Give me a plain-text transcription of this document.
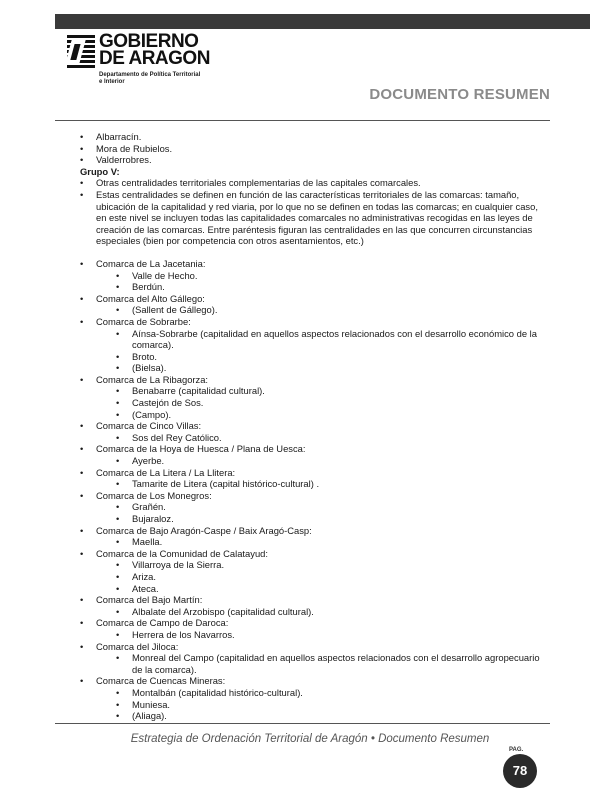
GOBIERNO
DE ARAGON
Departamento de Política Territorial
e Interior
DOCUMENTO RESUMEN
• Albarracín.
• Mora de Rubielos.
• Valderrobres.
Grupo V:
• Otras centralidades territoriales complementarias de las capitales comarcales.
• Estas centralidades se definen en función de las características territoriales de las comarcas: tamaño, ubicación de la capitalidad y red viaria, por lo que no se definen en todas las comarcas; en cualquier caso, en este nivel se incluyen todas las capitalidades comarcales no administrativas recogidas en las leyes de creación de las comarcas. Entre paréntesis figuran las centralidades en las que concurren circunstancias especiales (bien por competencia con otros asentamientos, etc.)
• Comarca de La Jacetania:
• Valle de Hecho.
• Berdún.
• Comarca del Alto Gállego:
• (Sallent de Gállego).
• Comarca de Sobrarbe:
• Aínsa-Sobrarbe (capitalidad en aquellos aspectos relacionados con el desarrollo económico de la comarca).
• Broto.
• (Bielsa).
• Comarca de La Ribagorza:
• Benabarre (capitalidad cultural).
• Castejón de Sos.
• (Campo).
• Comarca de Cinco Villas:
• Sos del Rey Católico.
• Comarca de la Hoya de Huesca / Plana de Uesca:
• Ayerbe.
• Comarca de La Litera / La Llitera:
• Tamarite de Litera (capital histórico-cultural) .
• Comarca de Los Monegros:
• Grañén.
• Bujaraloz.
• Comarca de Bajo Aragón-Caspe / Baix Aragó-Casp:
• Maella.
• Comarca de la Comunidad de Calatayud:
• Villarroya de la Sierra.
• Ariza.
• Ateca.
• Comarca del Bajo Martín:
• Albalate del Arzobispo (capitalidad cultural).
• Comarca de Campo de Daroca:
• Herrera de los Navarros.
• Comarca del Jiloca:
• Monreal del Campo (capitalidad en aquellos aspectos relacionados con el desarrollo agropecuario de la comarca).
• Comarca de Cuencas Mineras:
• Montalbán (capitalidad histórico-cultural).
• Muniesa.
• (Aliaga).
Estrategia de Ordenación Territorial de Aragón • Documento Resumen
PAG.
78
